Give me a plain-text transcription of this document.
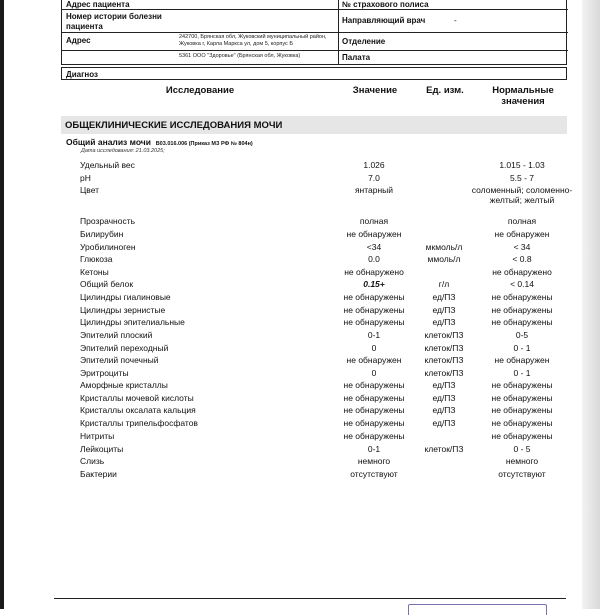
Адрес пациента	№ страхового полиса
Номер истории болезни пациента
Направляющий врач	-
Адрес	242700, Брянская обл, Жуковский муниципальный район, Жуковка г, Карла Маркса ул, дом 5, корпус Б	Отделение
5361 ООО "Здоровье" (Брянская обл, Жуковка)	Палата
Диагноз
Исследование	Значение	Ед. изм.	Нормальные значения
ОБЩЕКЛИНИЧЕСКИЕ ИССЛЕДОВАНИЯ МОЧИ
Общий анализ мочи B03.016.006 (Приказ МЗ РФ № 804н)
Дата исследования: 21.03.2025;
Удельный вес	1.026	1.015 - 1.03
pH	7.0	5.5 - 7
Цвет	янтарный	соломенный; соломенно-желтый; желтый
Прозрачность	полная	полная
Билирубин	не обнаружен	не обнаружен
Уробилиноген	<34	мкмоль/л	< 34
Глюкоза	0.0	ммоль/л	< 0.8
Кетоны	не обнаружено	не обнаружено
Общий белок	0.15+	г/л	< 0.14
Цилиндры гиалиновые	не обнаружены	ед/ПЗ	не обнаружены
Цилиндры зернистые	не обнаружены	ед/ПЗ	не обнаружены
Цилиндры эпителиальные	не обнаружены	ед/ПЗ	не обнаружены
Эпителий плоский	0-1	клеток/ПЗ	0-5
Эпителий переходный	0	клеток/ПЗ	0 - 1
Эпителий почечный	не обнаружен	клеток/ПЗ	не обнаружен
Эритроциты	0	клеток/ПЗ	0 - 1
Аморфные кристаллы	не обнаружены	ед/ПЗ	не обнаружены
Кристаллы мочевой кислоты	не обнаружены	ед/ПЗ	не обнаружены
Кристаллы оксалата кальция	не обнаружены	ед/ПЗ	не обнаружены
Кристаллы трипельфосфатов	не обнаружены	ед/ПЗ	не обнаружены
Нитриты	не обнаружены	не обнаружены
Лейкоциты	0-1	клеток/ПЗ	0 - 5
Слизь	немного	немного
Бактерии	отсутствуют	отсутствуют
